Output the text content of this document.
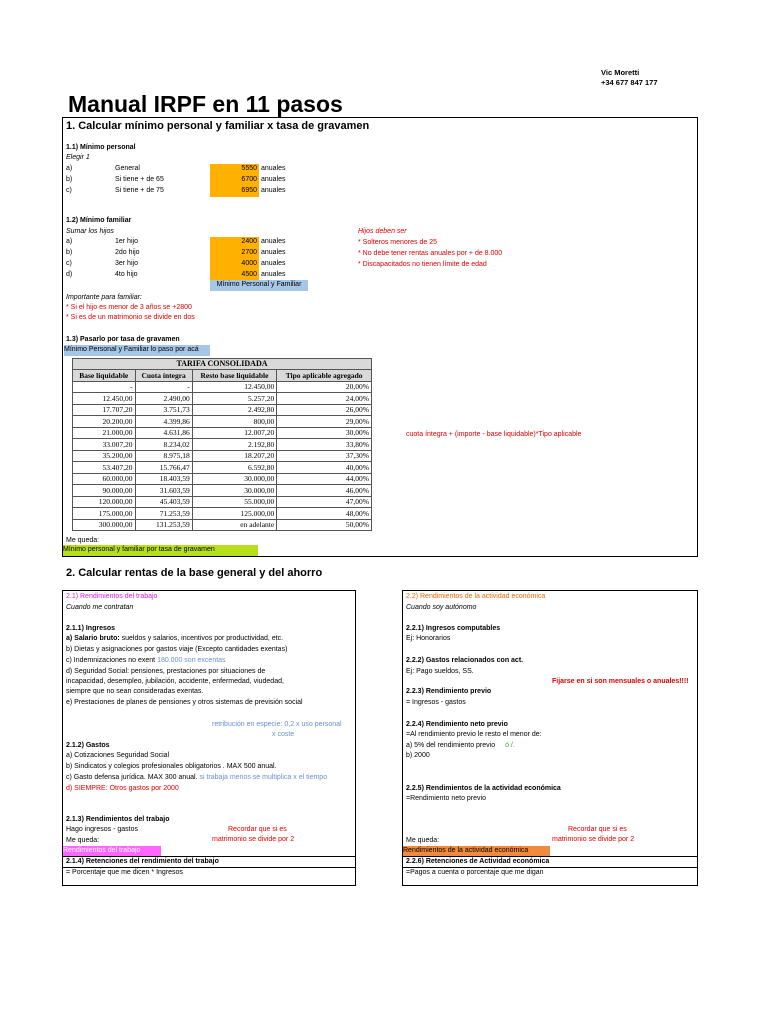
Vic Moretti
+34 677 847 177
Manual IRPF en 11 pasos
1. Calcular mínimo personal y familiar x tasa de gravamen
1.1) Mínimo personal
Elegir 1
a)	General	5550 anuales
b)	Si tiene + de 65	6700 anuales
c)	Si tiene + de 75	6950 anuales
1.2) Mínimo familiar
Sumar los hijos
a)	1er hijo	2400 anuales
b)	2do hijo	2700 anuales
c)	3er hijo	4000 anuales
d)	4to hijo	4500 anuales
Mínimo Personal y Familiar
Hijos deben ser
* Solteros menores de 25
* No debe tener rentas anuales por + de 8.000
* Discapacitados no tienen límite de edad
Importante para familiar:
* Si el hijo es menor de 3 años se +2800
* Si es de un matrimonio se divide en dos
1.3) Pasarlo por tasa de gravamen
Mínimo Personal y Familiar lo paso por acá
TARIFA CONSOLIDADA
Base liquidable	Cuota íntegra	Resto base liquidable	Tipo aplicable agregado
-	-	12.450,00	20,00%
12.450,00	2.490,00	5.257,20	24,00%
17.707,20	3.751,73	2.492,80	26,00%
20.200,00	4.399,86	800,00	29,00%
21.000,00	4.631,86	12.007,20	30,00%
33.007,20	8.234,02	2.192,80	33,80%
35.200,00	8.975,18	18.207,20	37,30%
53.407,20	15.766,47	6.592,80	40,00%
60.000,00	18.403,59	30.000,00	44,00%
90.000,00	31.603,59	30.000,00	46,00%
120.000,00	45.403,59	55.000,00	47,00%
175.000,00	71.253,59	125.000,00	48,00%
300.000,00	131.253,59	en adelante	50,00%
cuota íntegra + (importe - base liquidable)*Tipo aplicable
Me queda:
Mínimo personal y familiar por tasa de gravamen
2. Calcular rentas de la base general y del ahorro
2.1) Rendimientos del trabajo
Cuando me contratan
2.1.1) Ingresos
a) Salario bruto: sueldos y salarios, incentivos por productividad, etc.
b) Dietas y asignaciones por gastos viaje (Excepto cantidades exentas)
c) Indemnizaciones no exent 180.000 son excentas
d) Seguridad Social: pensiones, prestaciones por situaciones de
incapacidad, desempleo, jubilación, accidente, enfermedad, viudedad,
siempre que no sean consideradas exentas.
e) Prestaciones de planes de pensiones y otros sistemas de previsión social
retribución en especie: 0,2 x uso personal
x coste
2.1.2) Gastos
a) Cotizaciones Seguridad Social
b) Sindicatos y colegios profesionales obligatorios . MAX 500 anual.
c) Gasto defensa jurídica. MAX 300 anual. si trabaja menos se multiplica x el tiempo
d) SIEMPRE: Otros gastos por 2000
2.1.3) Rendimientos del trabajo
Hago ingresos - gastos	Recordar que si es
matrimonio se divide por 2
Me queda:
Rendimientos del trabajo
2.1.4) Retenciones del rendimiento del trabajo
= Porcentaje que me dicen * Ingresos
2.2) Rendimientos de la actividad económica
Cuando soy autónomo
2.2.1) Ingresos computables
Ej: Honorarios
2.2.2) Gastos relacionados con act.
Ej: Pago sueldos, SS.
Fijarse en si son mensuales o anuales!!!!
2.2.3) Rendimiento previo
= Ingresos - gastos
2.2.4) Rendimiento neto previo
=Al rendimiento previo le resto el menor de:
a) 5% del rendimiento previo ó /.
b) 2000
2.2.5) Rendimientos de la actividad económica
=Rendimiento neto previo
Recordar que si es
matrimonio se divide por 2
Me queda:
Rendimientos de la actividad económica
2.2.6) Retenciones de Actividad económica
=Pagos a cuenta o porcentaje que me digan
